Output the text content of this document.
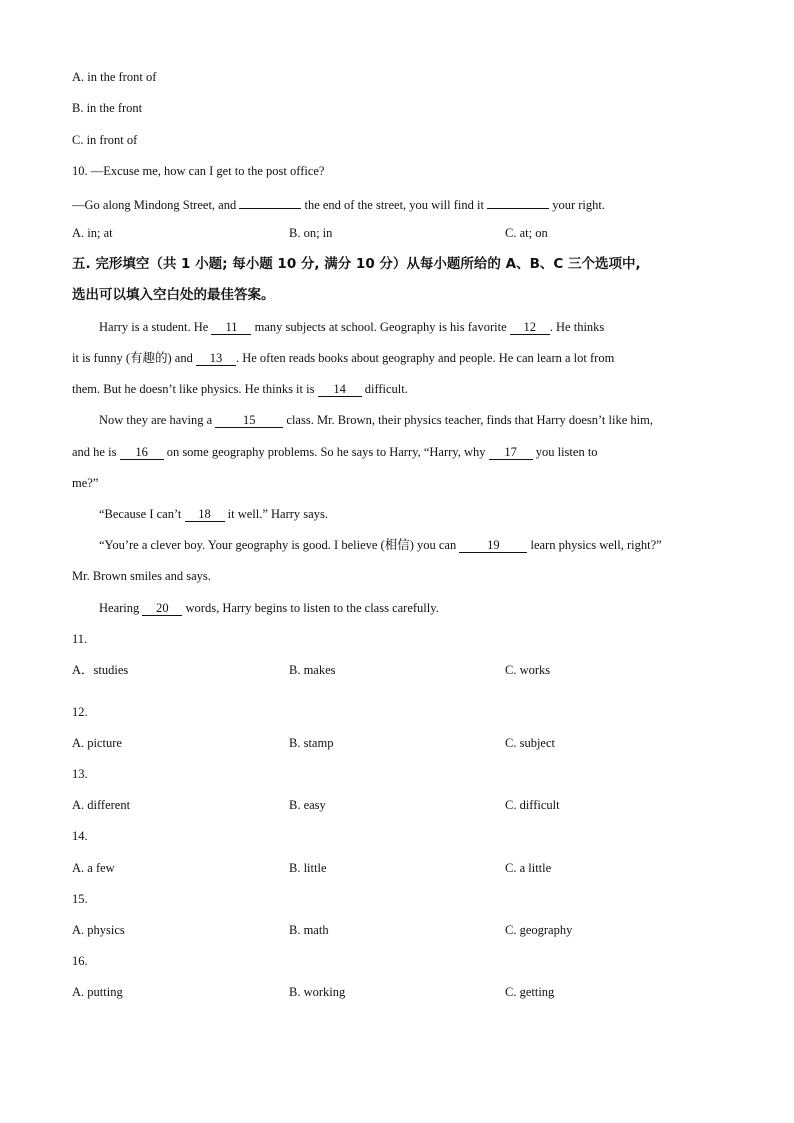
A. in the front of
B. in the front
C. in front of
10. —Excuse me, how can I get to the post office?
—Go along Mindong Street, and	the end of the street, you will find it	your right.
A. in; at	B. on; in	C. at; on
五. 完形填空（共 1 小题; 每小题 10 分, 满分 10 分）从每小题所给的 A、B、C 三个选项中,
选出可以填入空白处的最佳答案。
Harry is a student. He 11 many subjects at school. Geography is his favorite 12 . He thinks
it is funny (有趣的) and 13 . He often reads books about geography and people. He can learn a lot from
them. But he doesn’t like physics. He thinks it is 14 difficult.
Now they are having a 15 class. Mr. Brown, their physics teacher, finds that Harry doesn’t like him,
and he is 16 on some geography problems. So he says to Harry, “Harry, why 17 you listen to
me?”
“Because I can’t 18 it well.” Harry says.
“You’re a clever boy. Your geography is good. I believe (相信) you can 19 learn physics well, right?”
Mr. Brown smiles and says.
Hearing 20 words, Harry begins to listen to the class carefully.
11.
A．studies	B. makes	C. works
12.
A. picture	B. stamp	C. subject
13.
A. different	B. easy	C. difficult
14.
A. a few	B. little	C. a little
15.
A. physics	B. math	C. geography
16.
A. putting	B. working	C. getting
